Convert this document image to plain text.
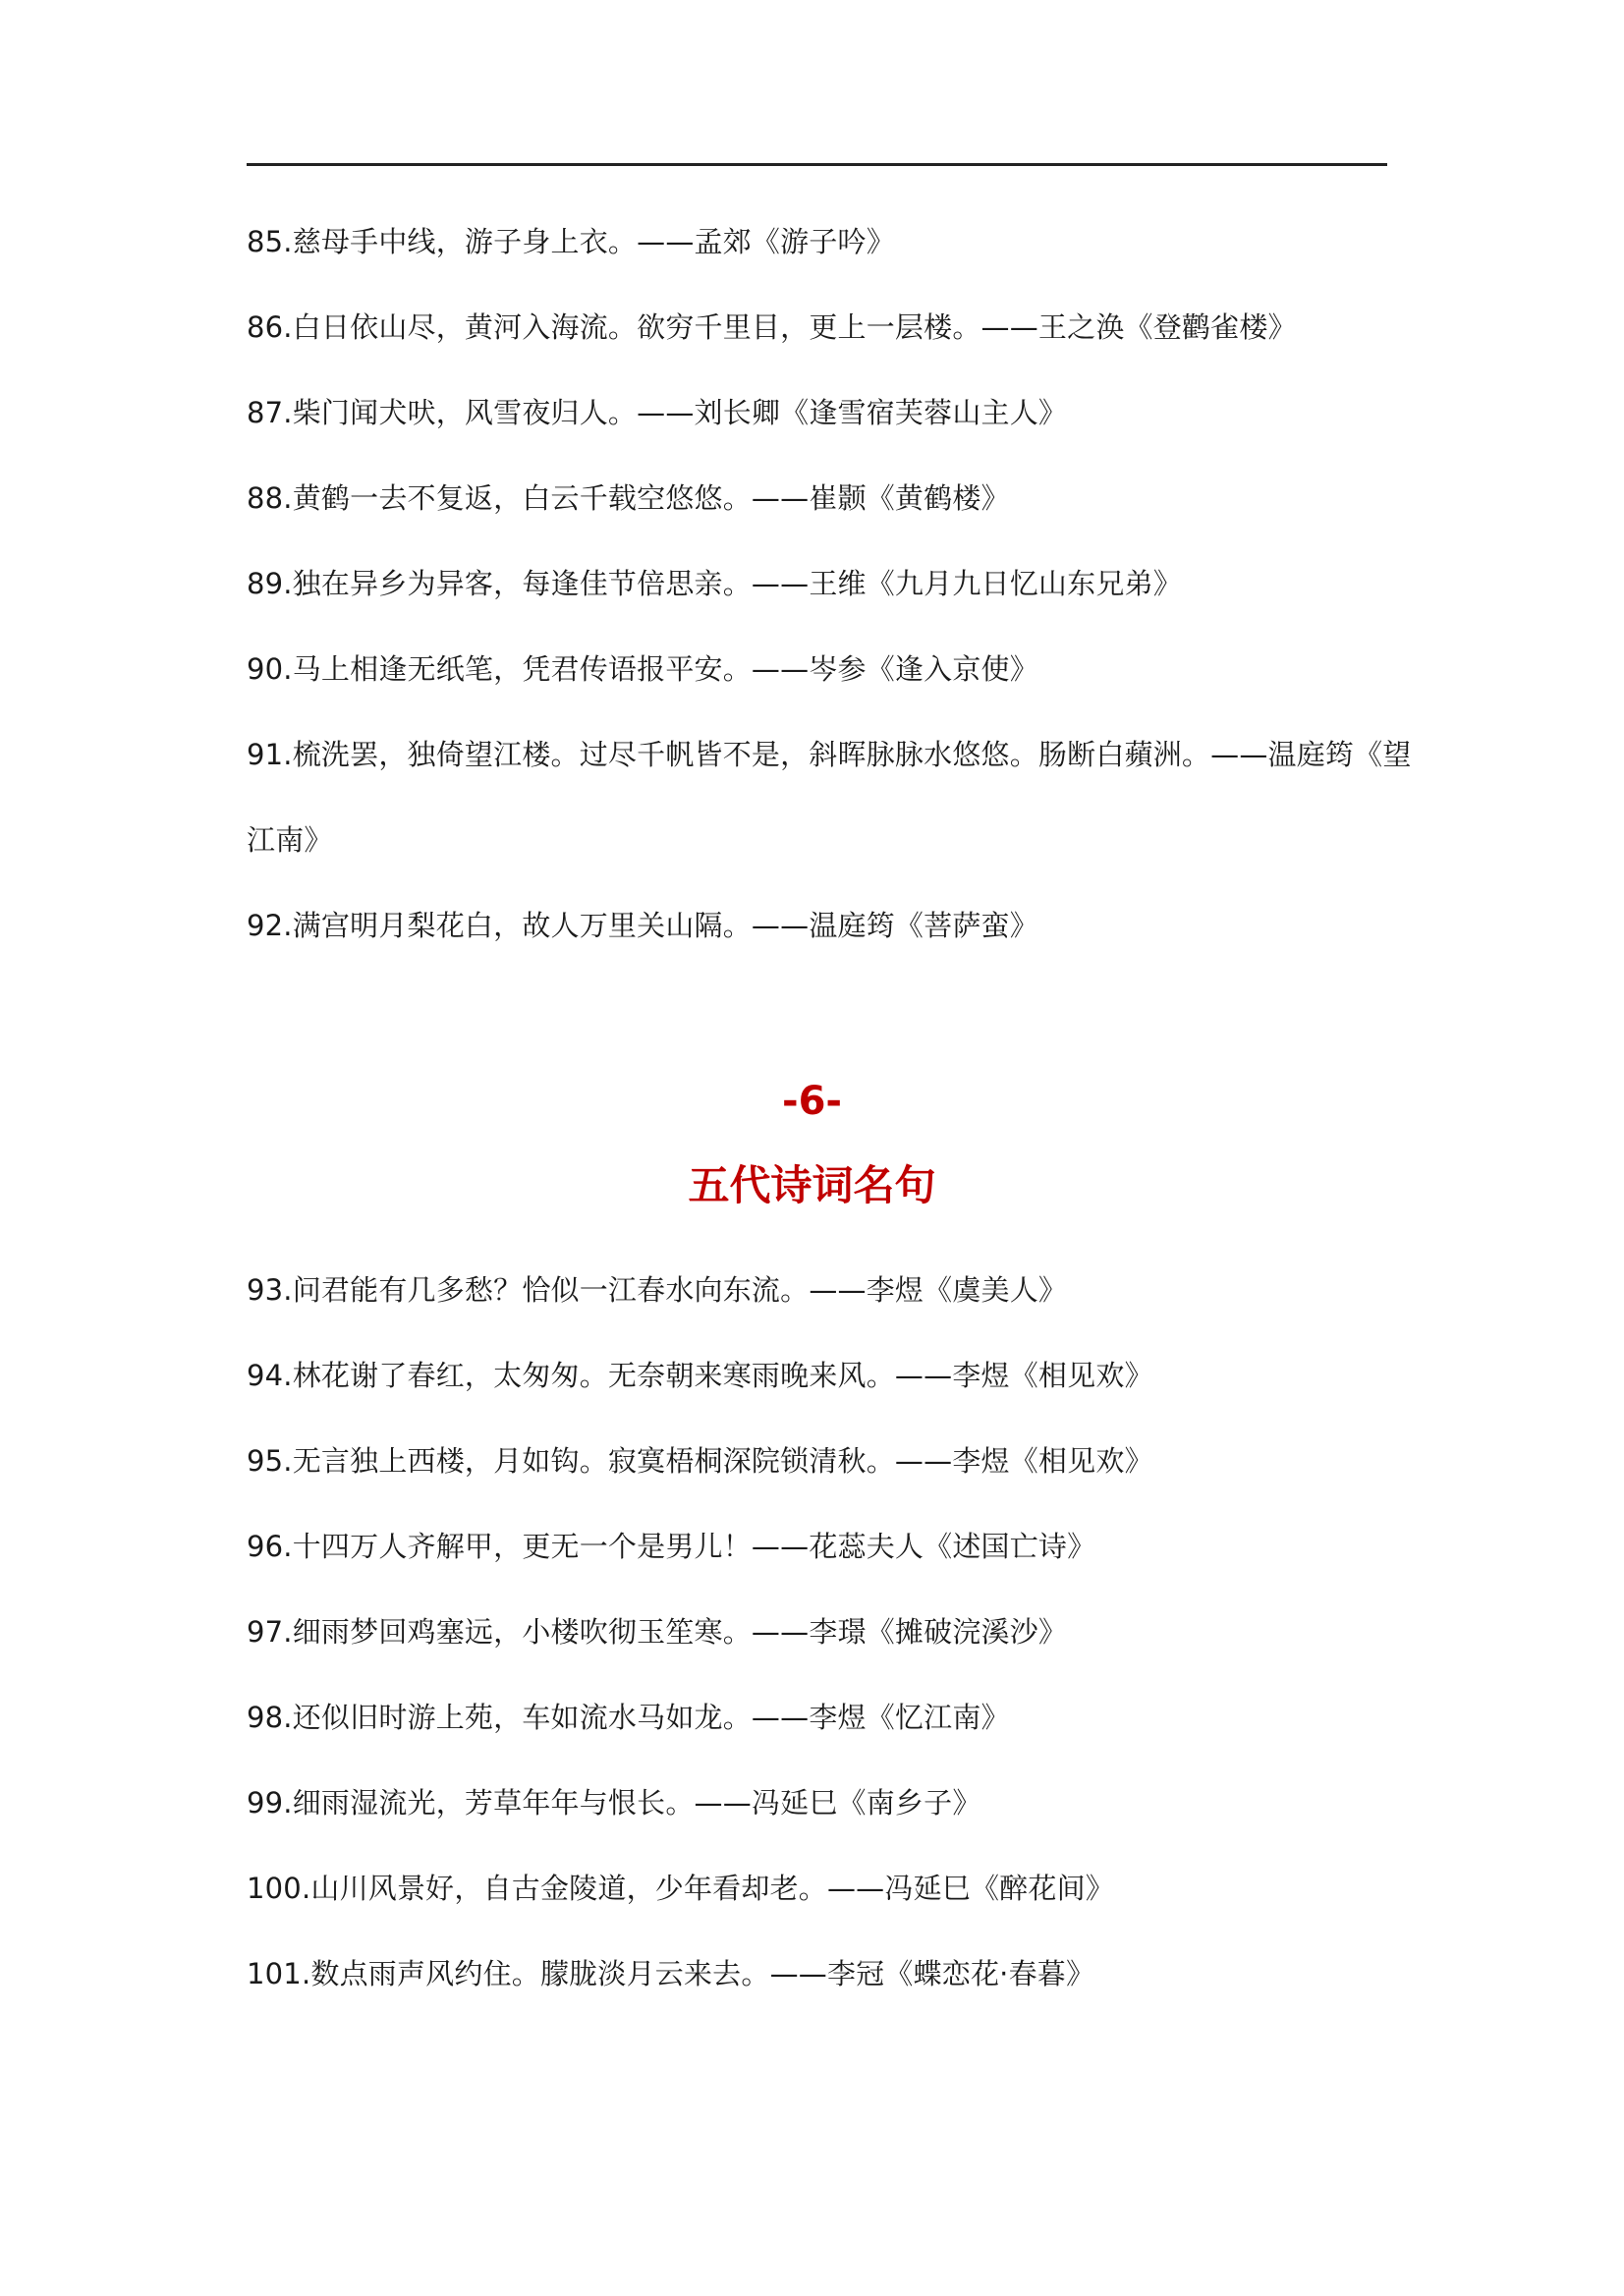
85.慈母手中线，游子身上衣。——孟郊《游子吟》
86.白日依山尽，黄河入海流。欲穷千里目，更上一层楼。——王之涣《登鹳雀楼》
87.柴门闻犬吠，风雪夜归人。——刘长卿《逢雪宿芙蓉山主人》
88.黄鹤一去不复返，白云千载空悠悠。——崔颢《黄鹤楼》
89.独在异乡为异客，每逢佳节倍思亲。——王维《九月九日忆山东兄弟》
90.马上相逢无纸笔，凭君传语报平安。——岑参《逢入京使》
91.梳洗罢，独倚望江楼。过尽千帆皆不是，斜晖脉脉水悠悠。肠断白蘋洲。——温庭筠《望
江南》
92.满宫明月梨花白，故人万里关山隔。——温庭筠《菩萨蛮》
-6-
五代诗词名句
93.问君能有几多愁？恰似一江春水向东流。——李煜《虞美人》
94.林花谢了春红，太匆匆。无奈朝来寒雨晚来风。——李煜《相见欢》
95.无言独上西楼，月如钩。寂寞梧桐深院锁清秋。——李煜《相见欢》
96.十四万人齐解甲，更无一个是男儿！——花蕊夫人《述国亡诗》
97.细雨梦回鸡塞远，小楼吹彻玉笙寒。——李璟《摊破浣溪沙》
98.还似旧时游上苑，车如流水马如龙。——李煜《忆江南》
99.细雨湿流光，芳草年年与恨长。——冯延巳《南乡子》
100.山川风景好，自古金陵道，少年看却老。——冯延巳《醉花间》
101.数点雨声风约住。朦胧淡月云来去。——李冠《蝶恋花·春暮》
